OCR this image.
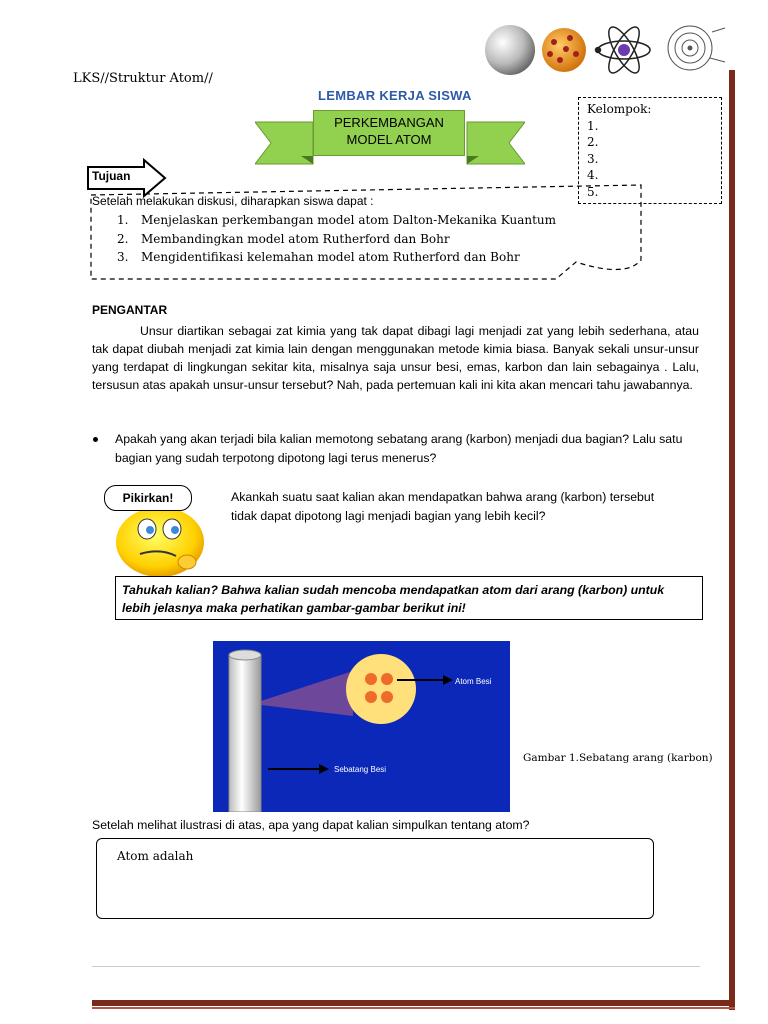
LKS//Struktur Atom//
LEMBAR KERJA SISWA
PERKEMBANGAN
MODEL ATOM
Kelompok:
1.
2.
3.
4.
5.
Tujuan
Setelah melakukan diskusi, diharapkan siswa dapat :
1. Menjelaskan perkembangan model atom Dalton-Mekanika Kuantum
2. Membandingkan model atom Rutherford dan Bohr
3. Mengidentifikasi kelemahan model atom Rutherford dan Bohr
PENGANTAR
Unsur diartikan sebagai zat kimia yang tak dapat dibagi lagi menjadi zat yang lebih sederhana, atau tak dapat diubah menjadi zat kimia lain dengan menggunakan metode kimia biasa. Banyak sekali unsur-unsur yang terdapat di lingkungan sekitar kita, misalnya saja unsur besi, emas, karbon dan lain sebagainya . Lalu, tersusun atas apakah unsur-unsur tersebut? Nah, pada pertemuan kali ini kita akan mencari tahu jawabannya.
Apakah yang akan terjadi bila kalian memotong sebatang arang (karbon) menjadi dua bagian? Lalu satu bagian yang sudah terpotong dipotong lagi terus menerus?
Pikirkan!	Akankah suatu saat kalian akan mendapatkan bahwa arang (karbon) tersebut tidak dapat dipotong lagi menjadi bagian yang lebih kecil?
Tahukah kalian? Bahwa kalian sudah mencoba mendapatkan atom dari arang (karbon) untuk lebih jelasnya maka perhatikan gambar-gambar berikut ini!
Atom Besi
Sebatang Besi
Gambar 1.Sebatang arang (karbon)
Setelah melihat ilustrasi di atas, apa yang dapat kalian simpulkan tentang atom?
Atom adalah
